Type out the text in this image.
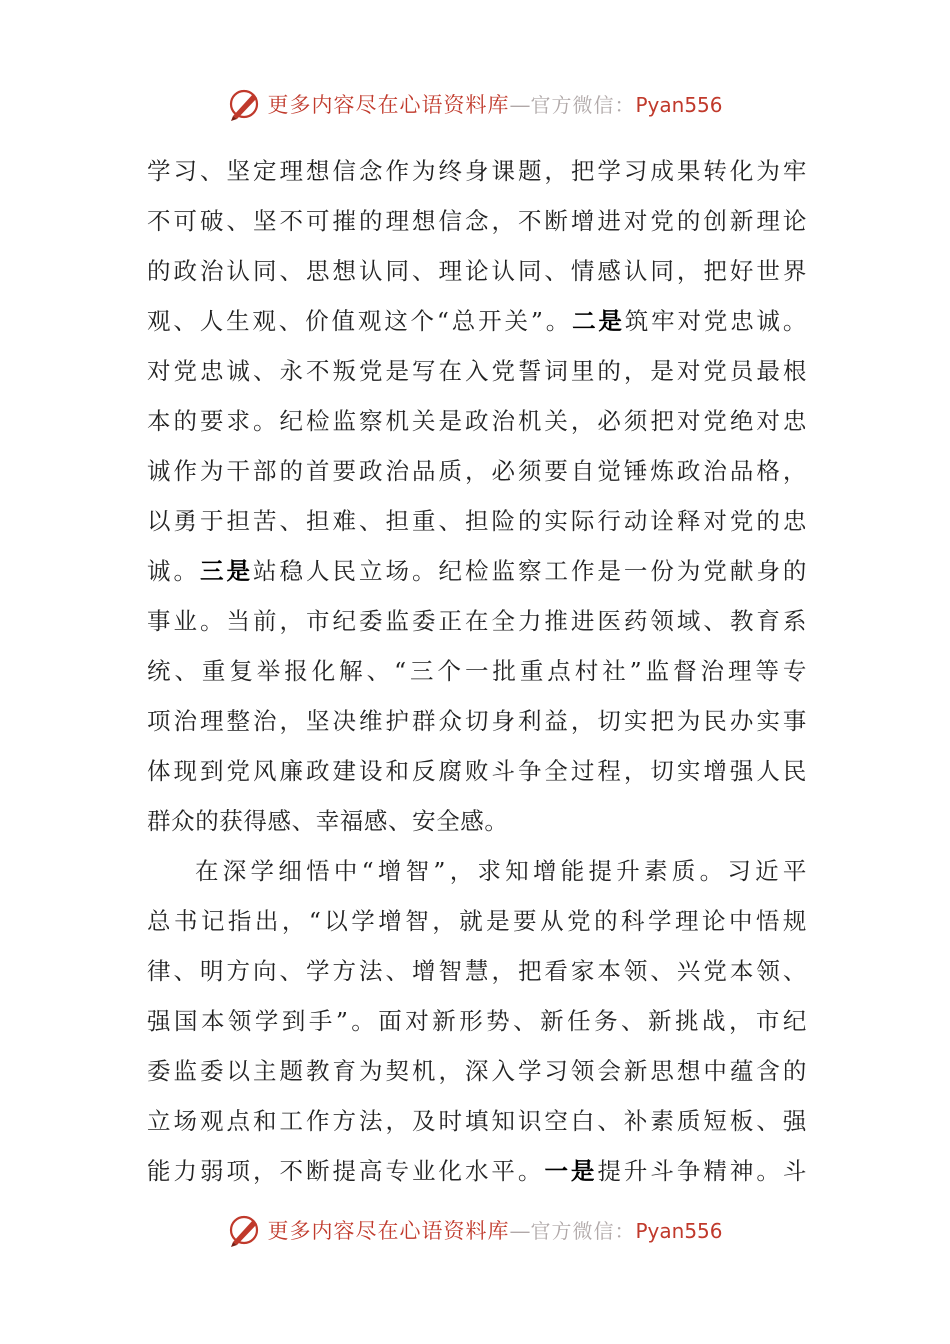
更多内容尽在心语资料库—官方微信：Pyan556
学习、坚定理想信念作为终身课题，把学习成果转化为牢
不可破、坚不可摧的理想信念，不断增进对党的创新理论
的政治认同、思想认同、理论认同、情感认同，把好世界
观、人生观、价值观这个“总开关”。二是筑牢对党忠诚。
对党忠诚、永不叛党是写在入党誓词里的，是对党员最根
本的要求。纪检监察机关是政治机关，必须把对党绝对忠
诚作为干部的首要政治品质，必须要自觉锤炼政治品格，
以勇于担苦、担难、担重、担险的实际行动诠释对党的忠
诚。三是站稳人民立场。纪检监察工作是一份为党献身的
事业。当前，市纪委监委正在全力推进医药领域、教育系
统、重复举报化解、“三个一批重点村社”监督治理等专
项治理整治，坚决维护群众切身利益，切实把为民办实事
体现到党风廉政建设和反腐败斗争全过程，切实增强人民
群众的获得感、幸福感、安全感。
在深学细悟中“增智”，求知增能提升素质。习近平
总书记指出，“以学增智，就是要从党的科学理论中悟规
律、明方向、学方法、增智慧，把看家本领、兴党本领、
强国本领学到手”。面对新形势、新任务、新挑战，市纪
委监委以主题教育为契机，深入学习领会新思想中蕴含的
立场观点和工作方法，及时填知识空白、补素质短板、强
能力弱项，不断提高专业化水平。一是提升斗争精神。斗
更多内容尽在心语资料库—官方微信：Pyan556
